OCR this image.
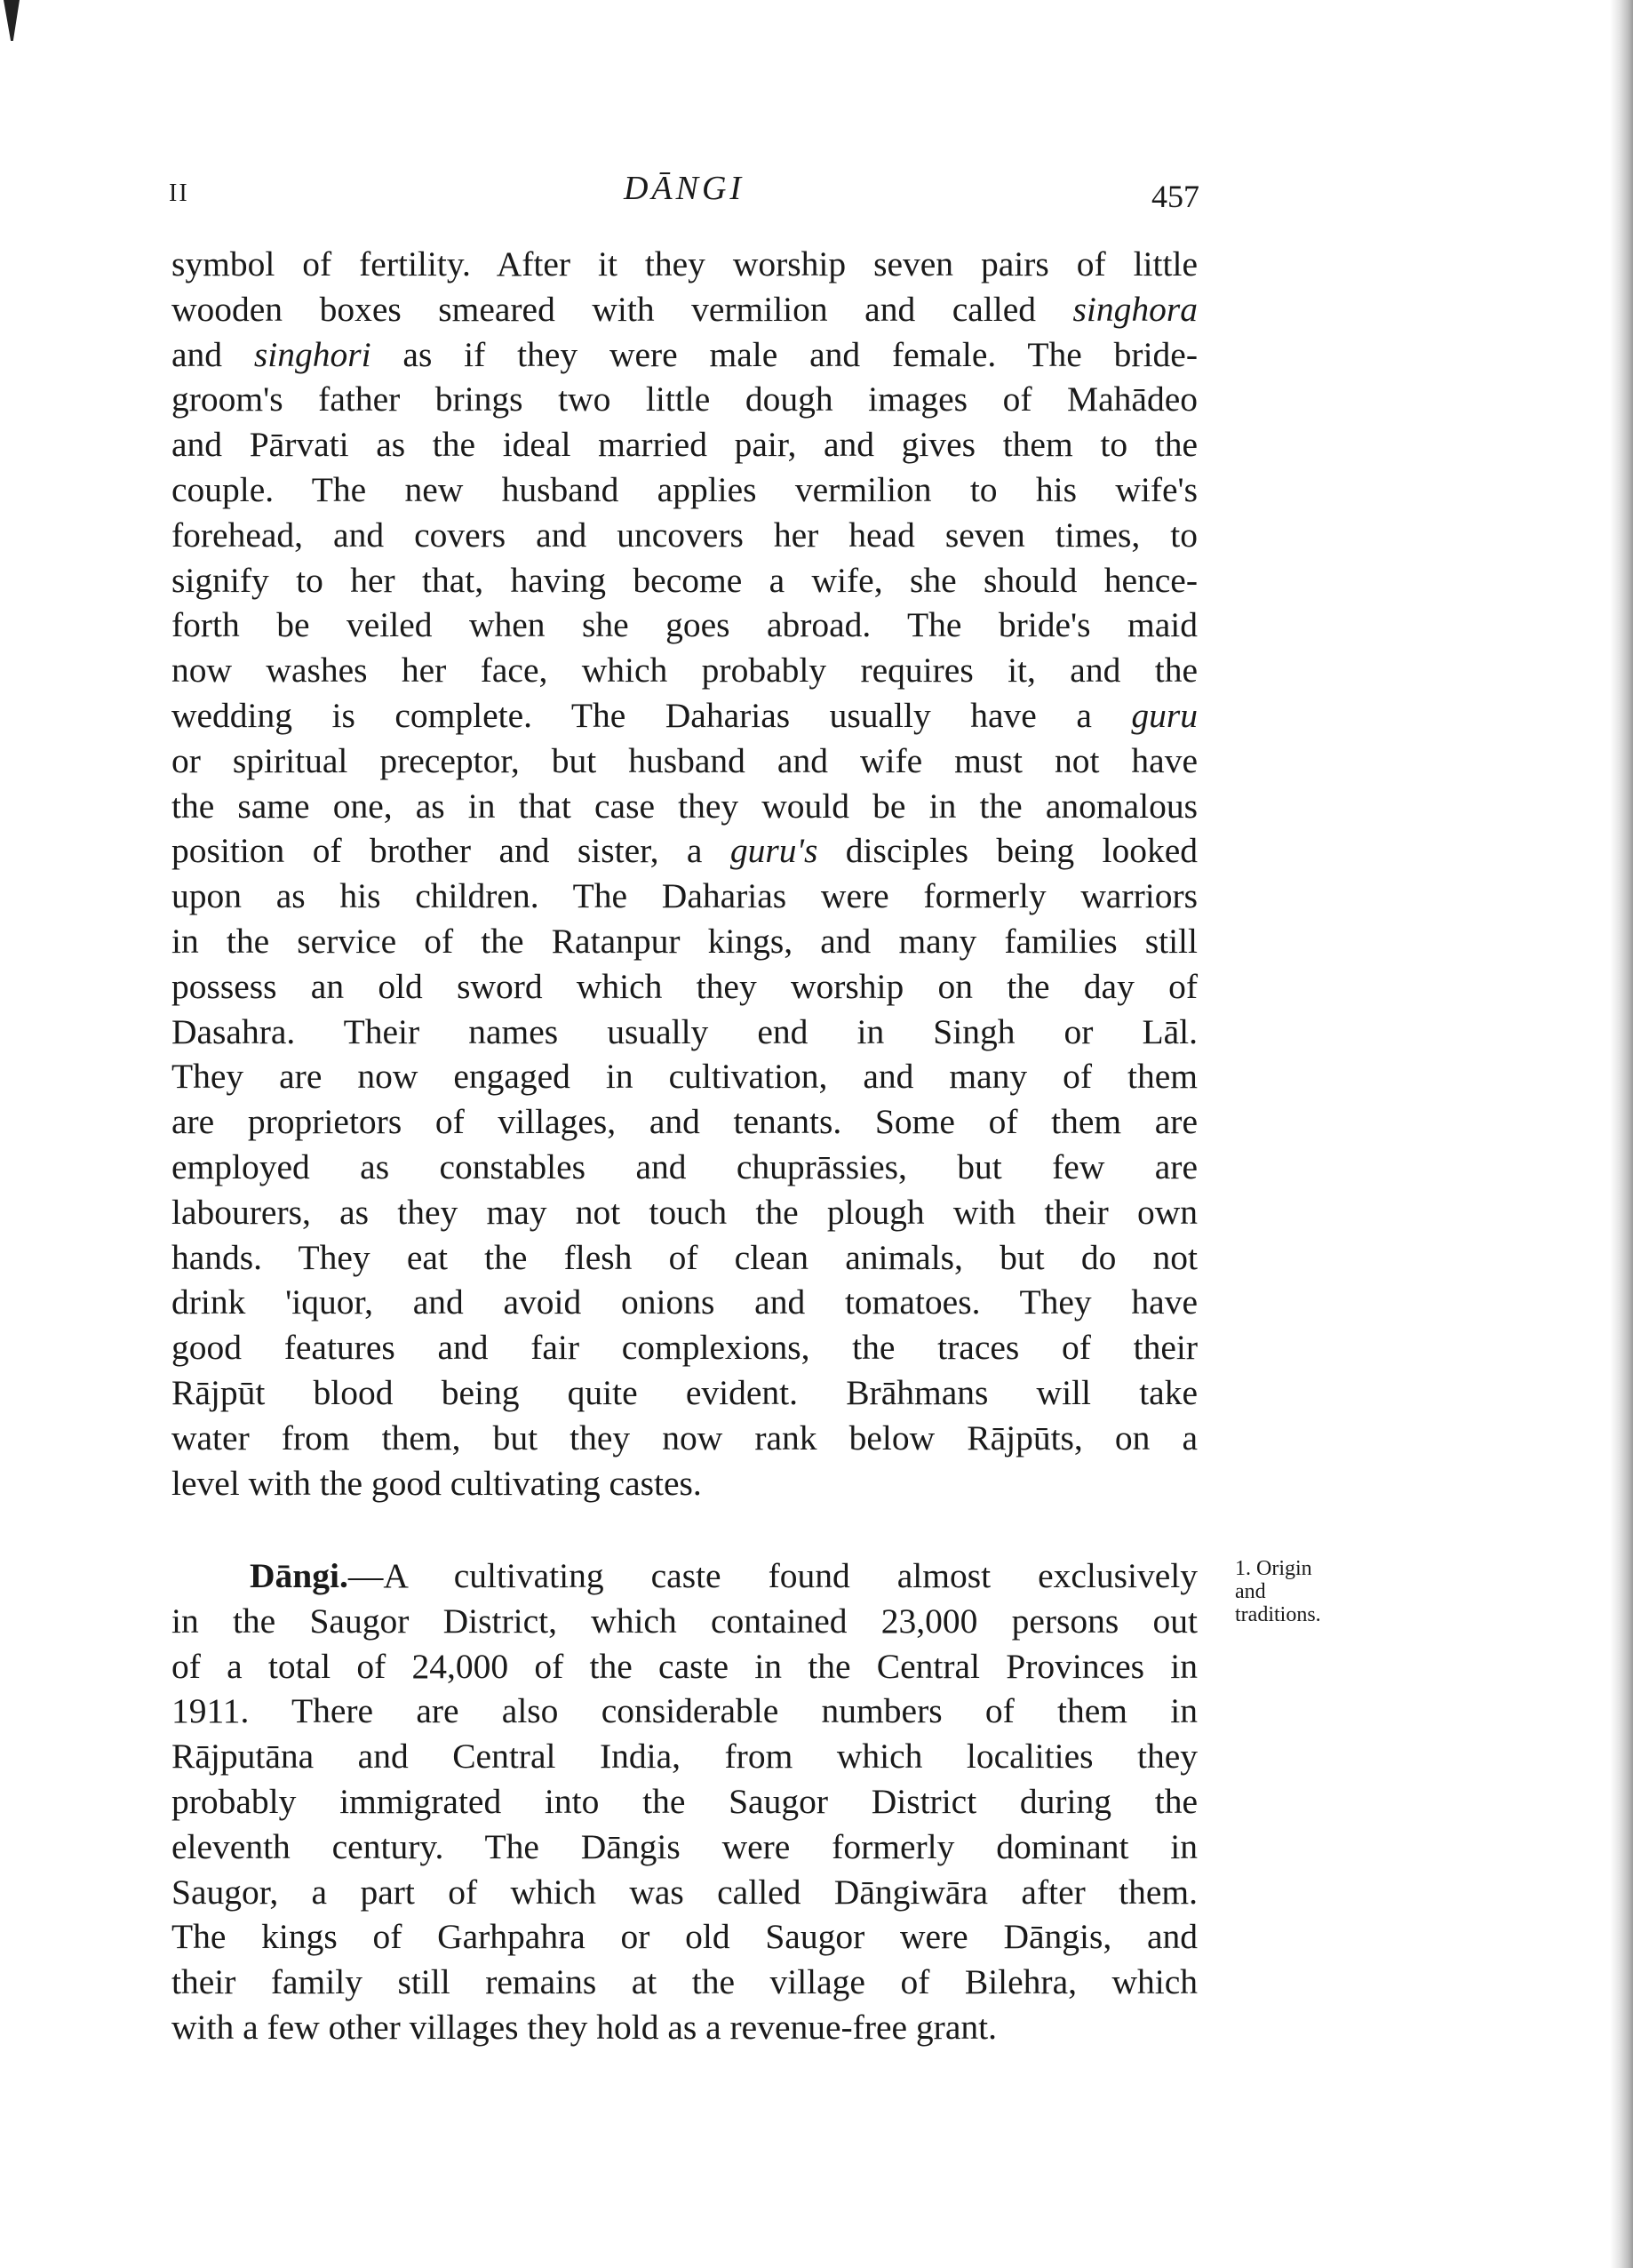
II	DĀNGI	457
symbol of fertility. After it they worship seven pairs of little
wooden boxes smeared with vermilion and called singhora
and singhori as if they were male and female. The bride-
groom's father brings two little dough images of Mahādeo
and Pārvati as the ideal married pair, and gives them to the
couple. The new husband applies vermilion to his wife's
forehead, and covers and uncovers her head seven times, to
signify to her that, having become a wife, she should hence-
forth be veiled when she goes abroad. The bride's maid
now washes her face, which probably requires it, and the
wedding is complete. The Daharias usually have a guru
or spiritual preceptor, but husband and wife must not have
the same one, as in that case they would be in the anomalous
position of brother and sister, a guru's disciples being looked
upon as his children. The Daharias were formerly warriors
in the service of the Ratanpur kings, and many families still
possess an old sword which they worship on the day of
Dasahra. Their names usually end in Singh or Lāl.
They are now engaged in cultivation, and many of them
are proprietors of villages, and tenants. Some of them are
employed as constables and chuprāssies, but few are
labourers, as they may not touch the plough with their own
hands. They eat the flesh of clean animals, but do not
drink 'iquor, and avoid onions and tomatoes. They have
good features and fair complexions, the traces of their
Rājpūt blood being quite evident. Brāhmans will take
water from them, but they now rank below Rājpūts, on a
level with the good cultivating castes.
Dāngi.—A cultivating caste found almost exclusively
in the Saugor District, which contained 23,000 persons out
of a total of 24,000 of the caste in the Central Provinces in
1911. There are also considerable numbers of them in
Rājputāna and Central India, from which localities they
probably immigrated into the Saugor District during the
eleventh century. The Dāngis were formerly dominant in
Saugor, a part of which was called Dāngiwāra after them.
The kings of Garhpahra or old Saugor were Dāngis, and
their family still remains at the village of Bilehra, which
with a few other villages they hold as a revenue-free grant.
1. Origin
and
traditions.
